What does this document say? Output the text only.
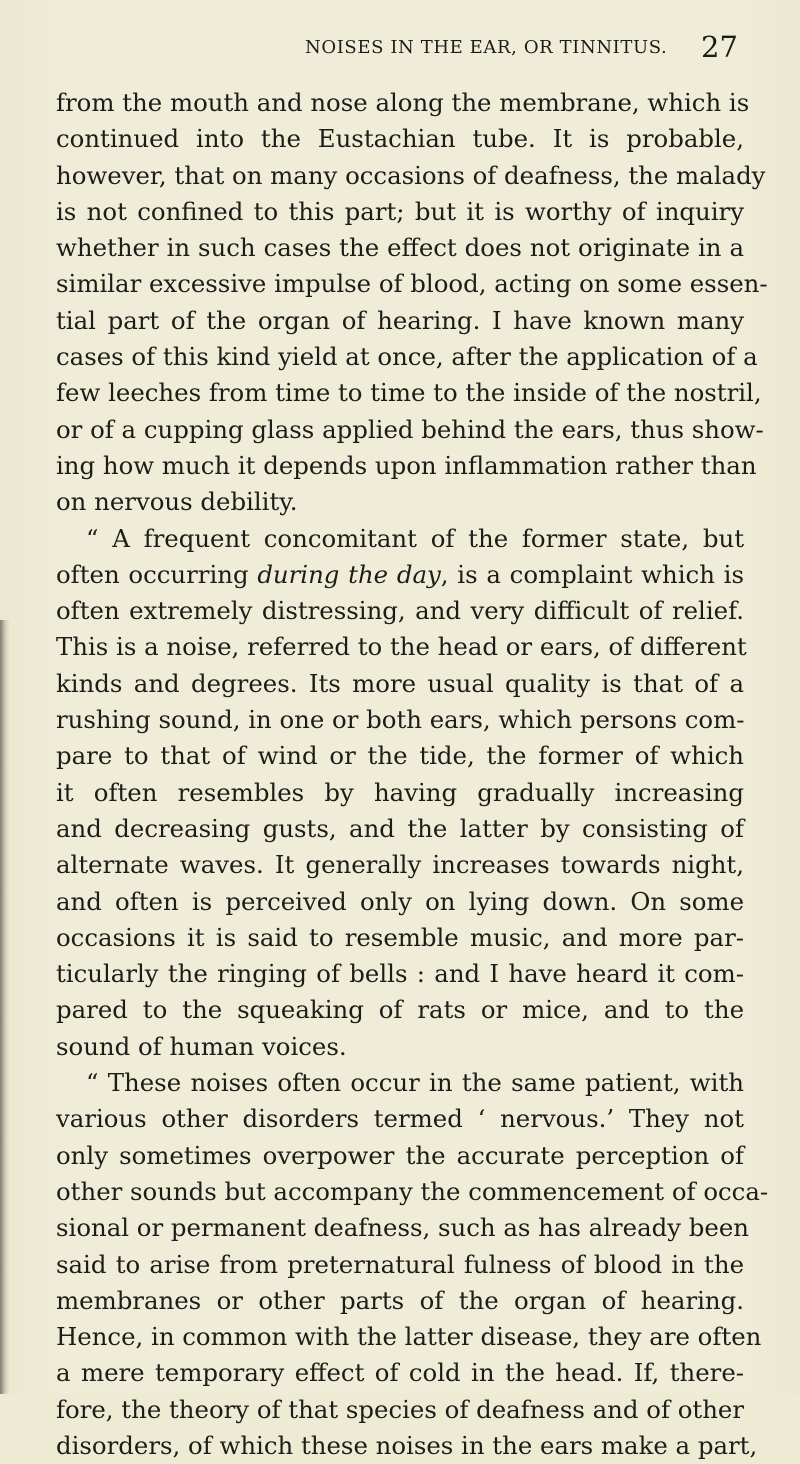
NOISES IN THE EAR, OR TINNITUS. 27
from the mouth and nose along the membrane, which is
continued into the Eustachian tube. It is probable,
however, that on many occasions of deafness, the malady
is not confined to this part; but it is worthy of inquiry
whether in such cases the effect does not originate in a
similar excessive impulse of blood, acting on some essen-
tial part of the organ of hearing. I have known many
cases of this kind yield at once, after the application of a
few leeches from time to time to the inside of the nostril,
or of a cupping glass applied behind the ears, thus show-
ing how much it depends upon inflammation rather than
on nervous debility.
“ A frequent concomitant of the former state, but
often occurring during the day, is a complaint which is
often extremely distressing, and very difficult of relief.
This is a noise, referred to the head or ears, of different
kinds and degrees. Its more usual quality is that of a
rushing sound, in one or both ears, which persons com-
pare to that of wind or the tide, the former of which
it often resembles by having gradually increasing
and decreasing gusts, and the latter by consisting of
alternate waves. It generally increases towards night,
and often is perceived only on lying down. On some
occasions it is said to resemble music, and more par-
ticularly the ringing of bells : and I have heard it com-
pared to the squeaking of rats or mice, and to the
sound of human voices.
“ These noises often occur in the same patient, with
various other disorders termed ‘ nervous.’ They not
only sometimes overpower the accurate perception of
other sounds but accompany the commencement of occa-
sional or permanent deafness, such as has already been
said to arise from preternatural fulness of blood in the
membranes or other parts of the organ of hearing.
Hence, in common with the latter disease, they are often
a mere temporary effect of cold in the head. If, there-
fore, the theory of that species of deafness and of other
disorders, of which these noises in the ears make a part,
